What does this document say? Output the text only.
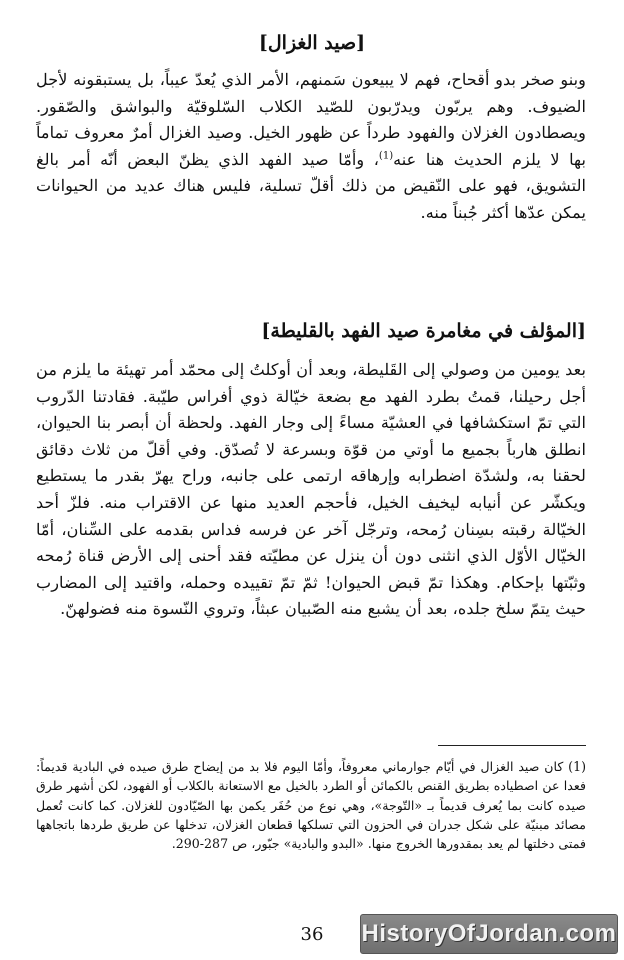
[صيد الغزال]

وبنو صخر بدو أقحاح، فهم لا يبيعون سَمنهم، الأمر الذي يُعدّ عيباً، بل يستبقونه لأجل الضيوف. وهم يربّون ويدرّبون للصّيد الكلاب السّلوقيّة والبواشق والصّقور. ويصطادون الغزلان والفهود طرداً عن ظهور الخيل. وصيد الغزال أمرٌ معروف تماماً بها لا يلزم الحديث هنا عنه$^{(1)}$، وأمّا صيد الفهد الذي يظنّ البعض أنّه أمر بالغ التشويق، فهو على النّقيض من ذلك أقلّ تسلية، فليس هناك عديد من الحيوانات يمكن عدّها أكثر جُبناً منه.

[المؤلف في مغامرة صيد الفهد بالقليطة]

بعد يومين من وصولي إلى القَليطة، وبعد أن أوكلتُ إلى محمّد أمر تهيئة ما يلزم من أجل رحيلنا، قمتُ بطرد الفهد مع بضعة خيّالة ذوي أفراس طيّبة. فقادتنا الدّروب التي تمّ استكشافها في العشيّة مساءً إلى وجار الفهد. ولحظة أن أبصر بنا الحيوان، انطلق هارباً بجميع ما أوتي من قوّة وبسرعة لا تُصدّق. وفي أقلّ من ثلاث دقائق لحقنا به، ولشدّة اضطرابه وإرهاقه ارتمى على جانبه، وراح يهرّ بقدر ما يستطيع ويكشّر عن أنيابه ليخيف الخيل، فأحجم العديد منها عن الاقتراب منه. فلزّ أحد الخيّالة رقبته بسِنان رُمحه، وترجّل آخر عن فرسه فداس بقدمه على السِّنان، أمّا الخيّال الأوّل الذي انثنى دون أن ينزل عن مطيّته فقد أحنى إلى الأرض قناة رُمحه وثبّتها بإحكام. وهكذا تمّ قبض الحيوان! ثمّ تمّ تقييده وحمله، واقتيد إلى المضارب حيث يتمّ سلخ جلده، بعد أن يشبع منه الصّبيان عبثاً، وتروي النّسوة منه فضولهنّ.

(1) كان صيد الغزال في أيّام جوارماني معروفاً، وأمّا اليوم فلا بد من إيضاح طرق صيده في البادية قديماً: فعدا عن اصطياده بطريق القنص بالكمائن أو الطرد بالخيل مع الاستعانة بالكلاب أو الفهود، لكن أشهر طرق صيده كانت بما يُعرف قديماً بـ «التّوجة»، وهي نوع من حُفَر يكمن بها الصّيّادون للغزلان. كما كانت تُعمل مصائد مبنيّة على شكل جدران في الحزون التي تسلكها قطعان الغزلان، تدخلها عن طريق طردها باتجاهها فمتى دخلتها لم يعد بمقدورها الخروج منها. «البدو والبادية» جبّور، ص 287-290.

36	HistoryOfJordan.com
